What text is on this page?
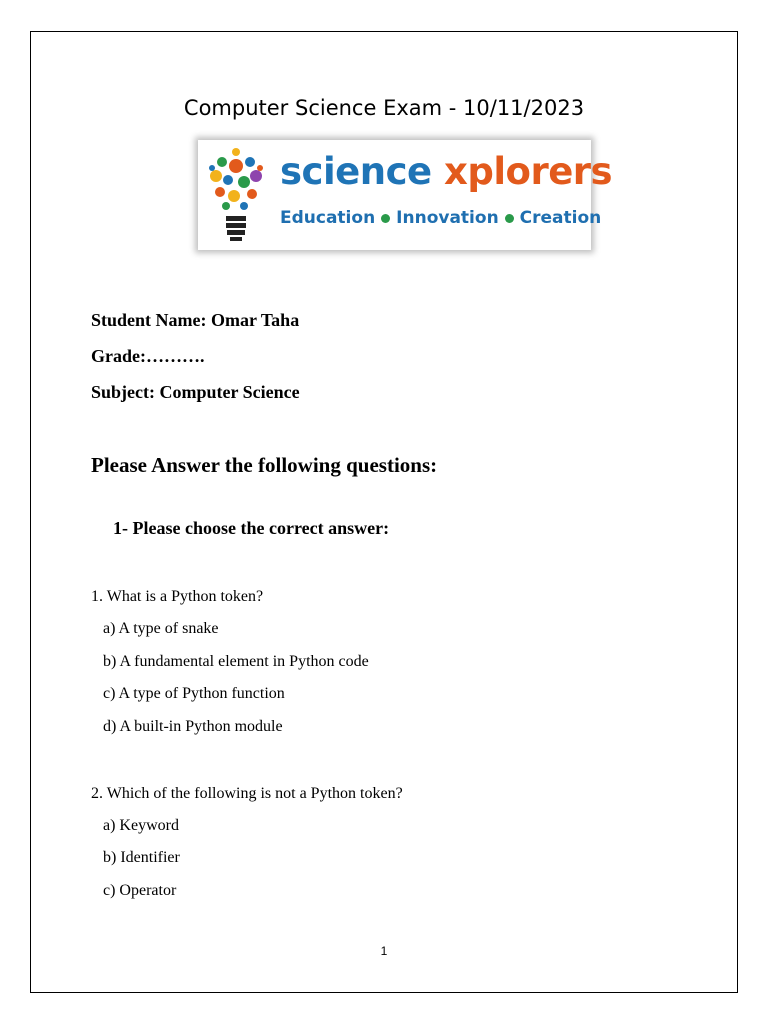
Computer Science Exam - 10/11/2023
science xplorers
Education Innovation Creation
Student Name: Omar Taha
Grade:……….
Subject: Computer Science
Please Answer the following questions:
1- Please choose the correct answer:
1. What is a Python token?
a) A type of snake
b) A fundamental element in Python code
c) A type of Python function
d) A built-in Python module
2. Which of the following is not a Python token?
a) Keyword
b) Identifier
c) Operator
1
